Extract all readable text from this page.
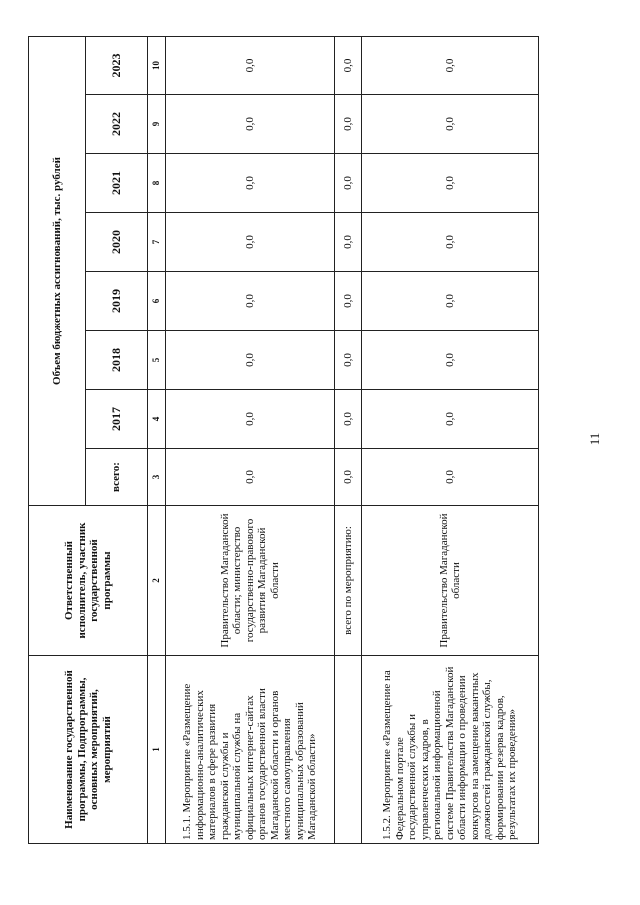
11
Наименование государственной программы, Подпрограммы, основных мероприятий, мероприятий	Ответственный исполнитель, участник государственной программы	Объем бюджетных ассигнований, тыс. рублей							
		всего:	2017	2018	2019	2020	2021	2022	2023
1	2	3	4	5	6	7	8	9	10
1.5.1. Мероприятие «Размещение информационно-аналитических материалов в сфере развития гражданской службы и муниципальной службы на официальных интернет-сайтах органов государственной власти Магаданской области и органов местного самоуправления муниципальных образований Магаданской области»	Правительство Магаданской области; министерство государственно-правового развития Магаданской области	0,0	0,0	0,0	0,0	0,0	0,0	0,0	0,0
	всего по мероприятию:	0,0	0,0	0,0	0,0	0,0	0,0	0,0	0,0
1.5.2. Мероприятие «Размещение на Федеральном портале государственной службы и управленческих кадров, в региональной информационной системе Правительства Магаданской области информации о проведении конкурсов на замещение вакантных должностей гражданской службы, формировании резерва кадров, результатах их проведения»	Правительство Магаданской области	0,0	0,0	0,0	0,0	0,0	0,0	0,0	0,0
